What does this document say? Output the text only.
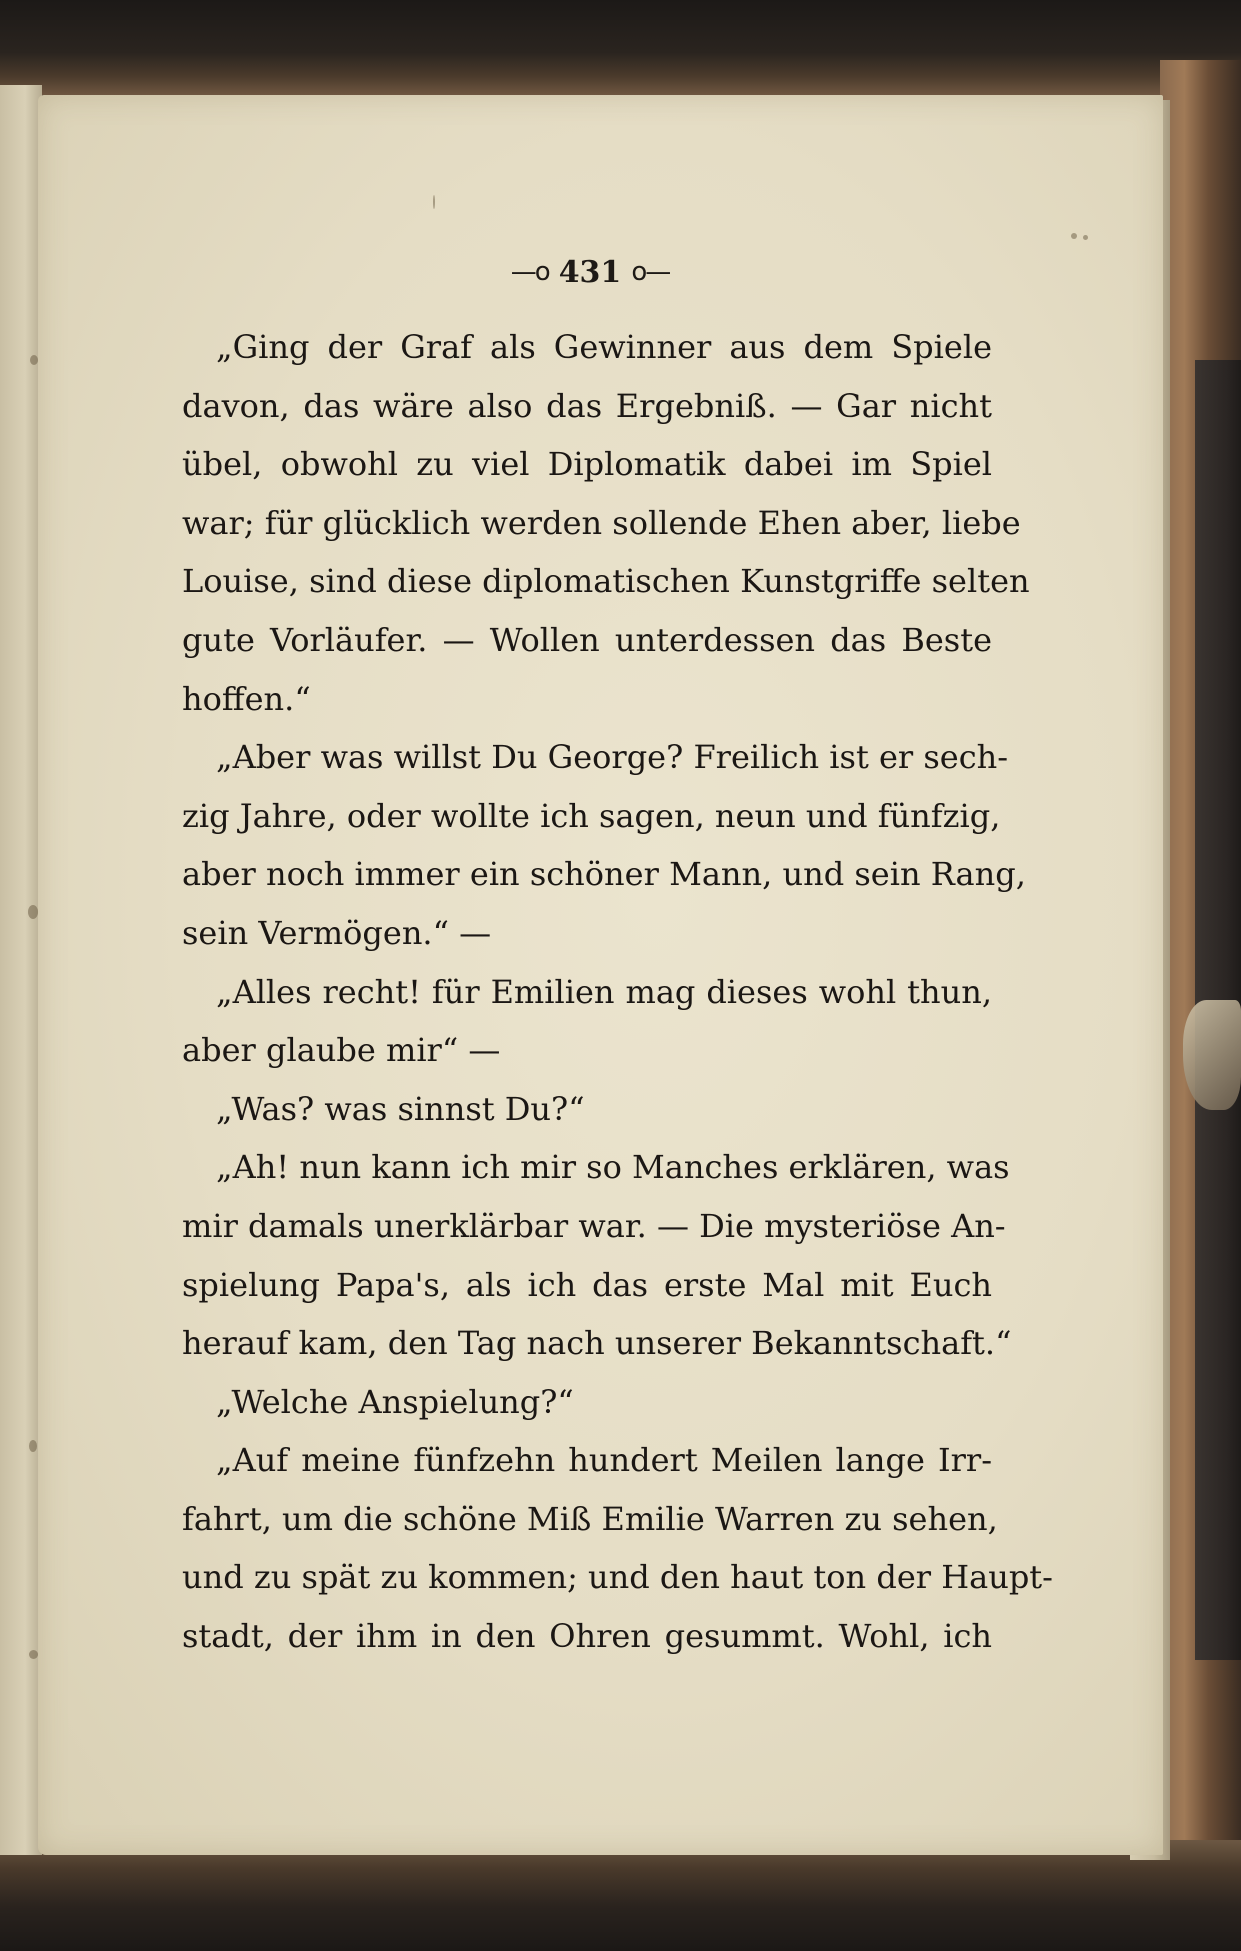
—o 431 o—
„Ging der Graf als Gewinner aus dem Spiele
davon, das wäre also das Ergebniß. — Gar nicht
übel, obwohl zu viel Diplomatik dabei im Spiel
war; für glücklich werden sollende Ehen aber, liebe
Louise, sind diese diplomatischen Kunstgriffe selten
gute Vorläufer. — Wollen unterdessen das Beste
hoffen.“
„Aber was willst Du George? Freilich ist er sech-
zig Jahre, oder wollte ich sagen, neun und fünfzig,
aber noch immer ein schöner Mann, und sein Rang,
sein Vermögen.“ —
„Alles recht! für Emilien mag dieses wohl thun,
aber glaube mir“ —
„Was? was sinnst Du?“
„Ah! nun kann ich mir so Manches erklären, was
mir damals unerklärbar war. — Die mysteriöse An-
spielung Papa's, als ich das erste Mal mit Euch
herauf kam, den Tag nach unserer Bekanntschaft.“
„Welche Anspielung?“
„Auf meine fünfzehn hundert Meilen lange Irr-
fahrt, um die schöne Miß Emilie Warren zu sehen,
und zu spät zu kommen; und den haut ton der Haupt-
stadt, der ihm in den Ohren gesummt. Wohl, ich
